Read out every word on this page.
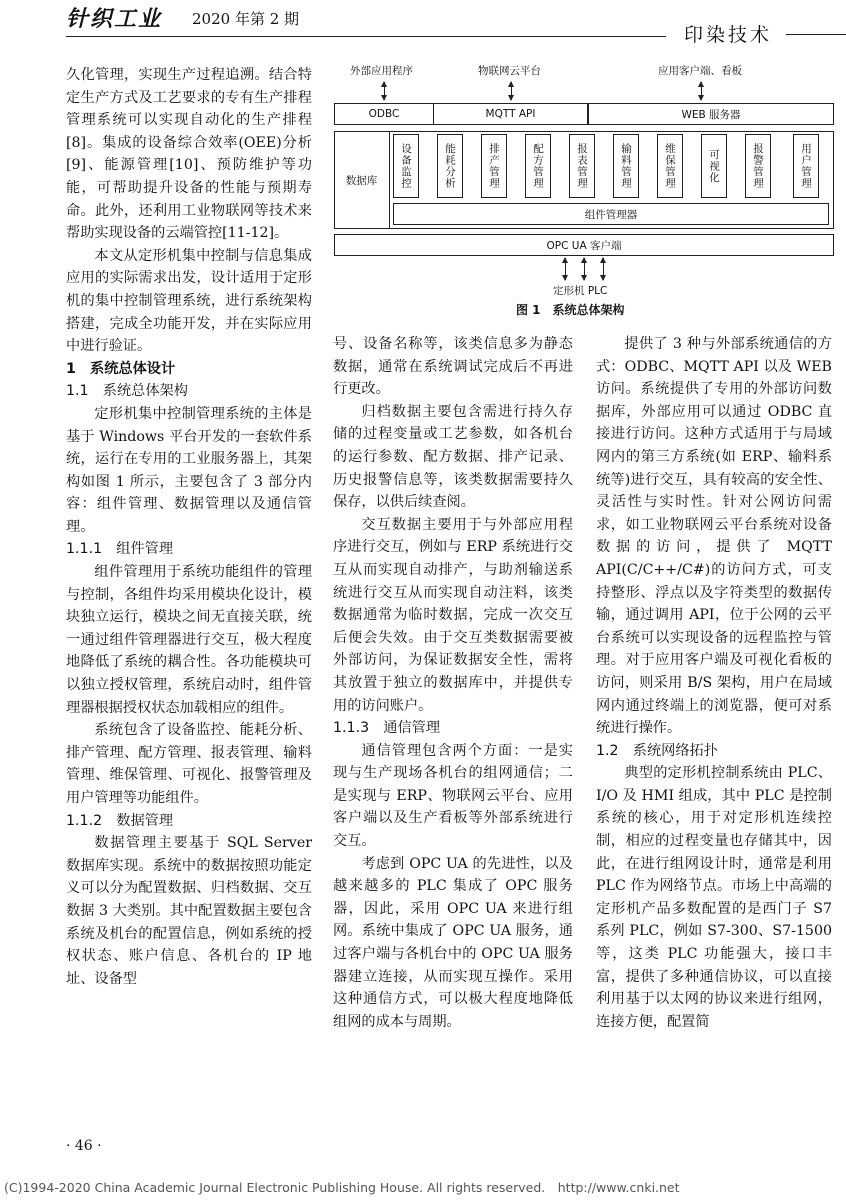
针织工业 2020 年第 2 期
印染技术
外部应用程序	物联网云平台	应用客户端、看板
ODBC	MQTT API	WEB 服务器
数据库	设备监控	能耗分析	排产管理	配方管理	报表管理	输料管理	维保管理	可视化	报警管理	用户管理
组件管理器
OPC UA 客户端
定形机 PLC
图 1　系统总体架构

久化管理，实现生产过程追溯。结合特定生产方式及工艺要求的专有生产排程管理系统可以实现自动化的生产排程[8]。集成的设备综合效率(OEE)分析[9]、能源管理[10]、预防维护等功能，可帮助提升设备的性能与预期寿命。此外，还利用工业物联网等技术来帮助实现设备的云端管控[11-12]。

本文从定形机集中控制与信息集成应用的实际需求出发，设计适用于定形机的集中控制管理系统，进行系统架构搭建，完成全功能开发，并在实际应用中进行验证。

1　系统总体设计
1.1　系统总体架构

定形机集中控制管理系统的主体是基于 Windows 平台开发的一套软件系统，运行在专用的工业服务器上，其架构如图 1 所示，主要包含了 3 部分内容：组件管理、数据管理以及通信管理。

1.1.1　组件管理

组件管理用于系统功能组件的管理与控制，各组件均采用模块化设计，模块独立运行，模块之间无直接关联，统一通过组件管理器进行交互，极大程度地降低了系统的耦合性。各功能模块可以独立授权管理，系统启动时，组件管理器根据授权状态加载相应的组件。

系统包含了设备监控、能耗分析、排产管理、配方管理、报表管理、输料管理、维保管理、可视化、报警管理及用户管理等功能组件。

1.1.2　数据管理

数据管理主要基于 SQL Server 数据库实现。系统中的数据按照功能定义可以分为配置数据、归档数据、交互数据 3 大类别。其中配置数据主要包含系统及机台的配置信息，例如系统的授权状态、账户信息、各机台的 IP 地址、设备型

号、设备名称等，该类信息多为静态数据，通常在系统调试完成后不再进行更改。

归档数据主要包含需进行持久存储的过程变量或工艺参数，如各机台的运行参数、配方数据、排产记录、历史报警信息等，该类数据需要持久保存，以供后续查阅。

交互数据主要用于与外部应用程序进行交互，例如与 ERP 系统进行交互从而实现自动排产，与助剂输送系统进行交互从而实现自动注料，该类数据通常为临时数据，完成一次交互后便会失效。由于交互类数据需要被外部访问，为保证数据安全性，需将其放置于独立的数据库中，并提供专用的访问账户。

1.1.3　通信管理

通信管理包含两个方面：一是实现与生产现场各机台的组网通信；二是实现与 ERP、物联网云平台、应用客户端以及生产看板等外部系统进行交互。

考虑到 OPC UA 的先进性，以及越来越多的 PLC 集成了 OPC 服务器，因此，采用 OPC UA 来进行组网。系统中集成了 OPC UA 服务，通过客户端与各机台中的 OPC UA 服务器建立连接，从而实现互操作。采用这种通信方式，可以极大程度地降低组网的成本与周期。

提供了 3 种与外部系统通信的方式：ODBC、MQTT API 以及 WEB 访问。系统提供了专用的外部访问数据库，外部应用可以通过 ODBC 直接进行访问。这种方式适用于与局域网内的第三方系统(如 ERP、输料系统等)进行交互，具有较高的安全性、灵活性与实时性。针对公网访问需求，如工业物联网云平台系统对设备数据的访问，提供了 MQTT API(C/C++/C#)的访问方式，可支持整形、浮点以及字符类型的数据传输，通过调用 API，位于公网的云平台系统可以实现设备的远程监控与管理。对于应用客户端及可视化看板的访问，则采用 B/S 架构，用户在局域网内通过终端上的浏览器，便可对系统进行操作。

1.2　系统网络拓扑

典型的定形机控制系统由 PLC、I/O 及 HMI 组成，其中 PLC 是控制系统的核心，用于对定形机连续控制，相应的过程变量也存储其中，因此，在进行组网设计时，通常是利用 PLC 作为网络节点。市场上中高端的定形机产品多数配置的是西门子 S7 系列 PLC，例如 S7-300、S7-1500 等，这类 PLC 功能强大，接口丰富，提供了多种通信协议，可以直接利用基于以太网的协议来进行组网，连接方便，配置简

· 46 ·
(C)1994-2020 China Academic Journal Electronic Publishing House. All rights reserved.　http://www.cnki.net
